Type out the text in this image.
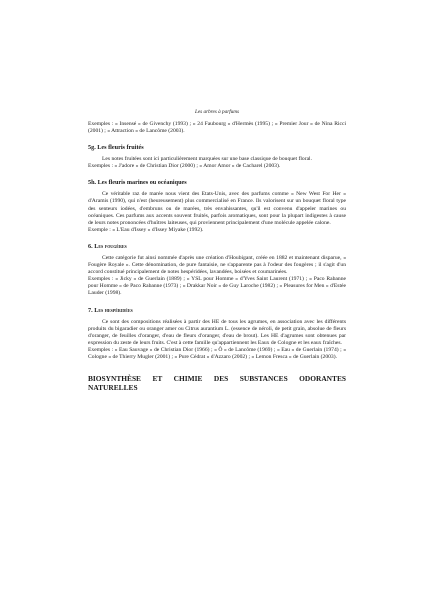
Les arbres à parfums

Exemples : « Insensé » de Givenchy (1993) ; « 24 Faubourg » d'Hermès (1995) ; « Premier Jour » de Nina Ricci (2001) ; « Attraction » de Lancôme (2003).

5g. Les fleuris fruités

Les notes fruitées sont ici particulièrement marquées sur une base classique de bouquet floral.

Exemples : « J'adore » de Christian Dior (2000) ; « Amor Amor » de Cacharel (2003).

5h. Les fleuris marines ou océaniques

Ce véritable raz de marée nous vient des Etats-Unis, avec des parfums comme « New West For Her » d'Aramis (1990), qui n'est (heureusement) plus commercialisé en France. Ils valorisent sur un bouquet floral type des senteurs iodées, d'embruns ou de marées, très envahissantes, qu'il est convenu d'appeler marines ou océaniques. Ces parfums aux accents souvent fruités, parfois aromatiques, sont pour la plupart indigestes à cause de leurs notes prononcées d'huîtres laiteuses, qui proviennent principalement d'une molécule appelée calone.

Exemple : « L'Eau d'Issey » d'Issey Miyake (1992).

6. Les fougères

Cette catégorie fut ainsi nommée d'après une création d'Houbigant, créée en 1882 et maintenant disparue, « Fougère Royale ». Cette dénomination, de pure fantaisie, ne s'apparente pas à l'odeur des fougères ; il s'agit d'un accord constitué principalement de notes hespéridées, lavandées, boisées et coumarinées.

Exemples : « Jicky » de Guerlain (1889) ; « YSL pour Homme » d'Yves Saint Laurent (1971) ; « Paco Rabanne pour Homme » de Paco Rabanne (1973) ; « Drakkar Noir » de Guy Laroche (1982) ; « Pleasures for Men » d'Estée Lauder (1998).

7. Les hespéridées

Ce sont des compositions réalisées à partir des HE de tous les agrumes, en association avec les différents produits du bigaradier ou oranger amer ou Citrus aurantium L. (essence de néroli, de petit grain, absolue de fleurs d'oranger, de feuilles d'oranger, d'eau de fleurs d'oranger, d'eau de brout). Les HE d'agrumes sont obtenues par expression du zeste de leurs fruits. C'est à cette famille qu'appartiennent les Eaux de Cologne et les eaux fraîches.

Exemples : « Eau Sauvage » de Christian Dior (1966) ; « Ô » de Lancôme (1969) ; « Eau » de Guerlain (1974) ; « Cologne » de Thierry Mugler (2001) ; « Pure Cédrat » d'Azzaro (2002) ; « Lemon Fresca » de Guerlain (2003).

BIOSYNTHÈSE ET CHIMIE DES SUBSTANCES ODORANTES NATURELLES
